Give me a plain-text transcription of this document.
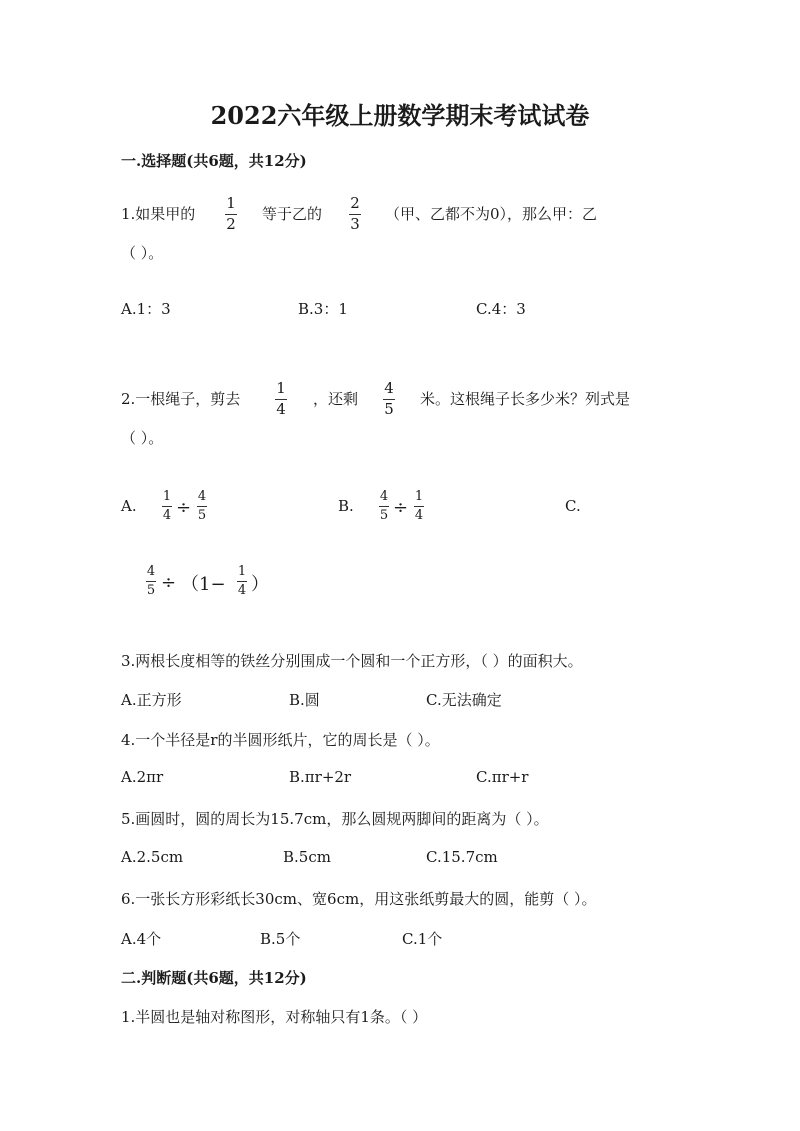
2022六年级上册数学期末考试试卷
一.选择题(共6题，共12分)
1.如果甲的
1
2
等于乙的
2
3
（甲、乙都不为0），那么甲：乙
（ ）。
A.1：3	B.3：1	C.4：3
2.一根绳子，剪去
1
4
，还剩
4
5
米。这根绳子长多少米？列式是
（ ）。
A.
1
4 ÷
4
5
B.
4
5 ÷
1
4
C.
4
5 ÷ （1−
1
4 ）
3.两根长度相等的铁丝分别围成一个圆和一个正方形，（ ）的面积大。
A.正方形	B.圆	C.无法确定
4.一个半径是r的半圆形纸片，它的周长是（ ）。
A.2πr	B.πr+2r	C.πr+r
5.画圆时，圆的周长为15.7cm，那么圆规两脚间的距离为（ ）。
A.2.5cm	B.5cm	C.15.7cm
6.一张长方形彩纸长30cm、宽6cm，用这张纸剪最大的圆，能剪（ ）。
A.4个	B.5个	C.1个
二.判断题(共6题，共12分)
1.半圆也是轴对称图形，对称轴只有1条。（ ）
